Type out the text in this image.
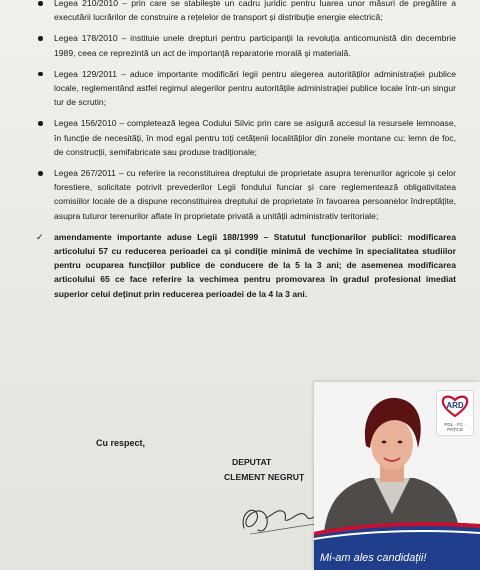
Legea 210/2010 – prin care se stabilește un cadru juridic pentru luarea unor măsuri de pregătire a executării lucrărilor de construire a rețelelor de transport și distribuție energie electrică;
Legea 178/2010 – instituie unele drepturi pentru participanții la revoluția anticomunistă din decembrie 1989, ceea ce reprezintă un act de importanță reparatorie morală și materială.
Legea 129/2011 – aduce importante modificări legii pentru alegerea autorităților administrației publice locale, reglementând astfel regimul alegerilor pentru autoritățile administrației publice locale într-un singur tur de scrutin;
Legea 156/2010 – completează legea Codului Silvic prin care se asigură accesul la resursele lemnoase, în funcție de necesități, în mod egal pentru toți cetățenii localităților din zonele montane cu: lemn de foc, de construcții, semifabricate sau produse tradiționale;
Legea 267/2011 – cu referire la reconstituirea dreptului de proprietate asupra terenurilor agricole și celor forestiere, solicitate potrivit prevederilor Legii fondului funciar și care reglementează obligativitatea comisiilor locale de a dispune reconstituirea dreptului de proprietate în favoarea persoanelor îndreptățite, asupra tuturor terenurilor aflate în proprietate privată a unității administrativ teritoriale;
✓ amendamente importante aduse Legii 188/1999 – Statutul funcționarilor publici: modificarea articolului 57 cu reducerea perioadei ca și condiție minimă de vechime în specialitatea studiilor pentru ocuparea funcțiilor publice de conducere de la 5 la 3 ani; de asemenea modificarea articolului 65 ce face referire la vechimea pentru promovarea în gradul profesional imediat superior celui deținut prin reducerea perioadei de la 4 la 3 ani.
Cu respect,
DEPUTAT
CLEMENT NEGRUȚ
ARD
PDL · FC · PNȚCD
Mi-am ales candidații!
